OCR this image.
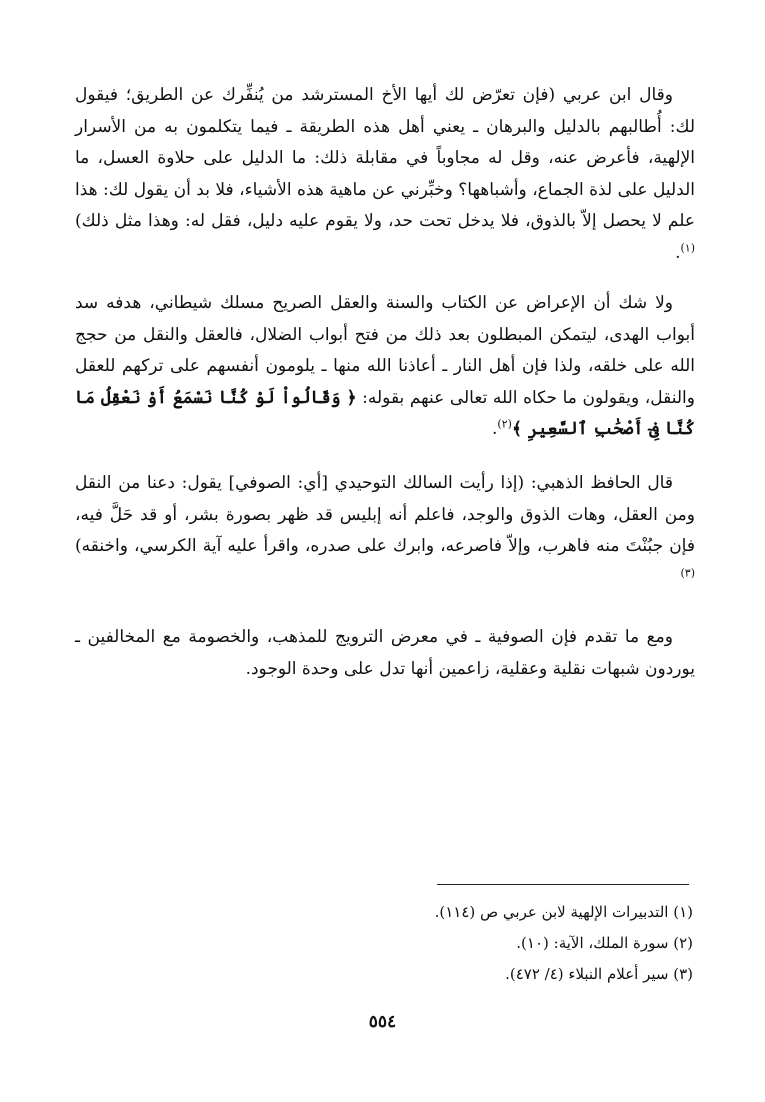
وقال ابن عربي (فإن تعرّض لك أيها الأخ المسترشد من يُنفِّرك عن الطريق؛ فيقول لك: أُطالبهم بالدليل والبرهان ـ يعني أهل هذه الطريقة ـ فيما يتكلمون به من الأسرار الإلهية، فأعرض عنه، وقل له مجاوباً في مقابلة ذلك: ما الدليل على حلاوة العسل، ما الدليل على لذة الجماع، وأشباهها؟ وخبِّرني عن ماهية هذه الأشياء، فلا بد أن يقول لك: هذا علم لا يحصل إلاّ بالذوق، فلا يدخل تحت حد، ولا يقوم عليه دليل، فقل له: وهذا مثل ذلك)$^{(١)}$.
ولا شك أن الإعراض عن الكتاب والسنة والعقل الصريح مسلك شيطاني، هدفه سد أبواب الهدى، ليتمكن المبطلون بعد ذلك من فتح أبواب الضلال، فالعقل والنقل من حجج الله على خلقه، ولذا فإن أهل النار ـ أعاذنا الله منها ـ يلومون أنفسهم على تركهم للعقل والنقل، ويقولون ما حكاه الله تعالى عنهم بقوله: ﴿ وَقَالُواْ لَوْ كُنَّا نَسْمَعُ أَوْ نَعْقِلُ مَا كُنَّا فِىٓ أَصْحَٰبِ ٱلسَّعِيرِ ﴾$^{(٢)}$.
قال الحافظ الذهبي: (إذا رأيت السالك التوحيدي [أي: الصوفي] يقول: دعنا من النقل ومن العقل، وهات الذوق والوجد، فاعلم أنه إبليس قد ظهر بصورة بشر، أو قد حَلَّ فيه، فإن جبُنْتَ منه فاهرب، وإلاّ فاصرعه، وابرك على صدره، واقرأ عليه آية الكرسي، واخنقه)$^{(٣)}$
ومع ما تقدم فإن الصوفية ـ في معرض الترويج للمذهب، والخصومة مع المخالفين ـ يوردون شبهات نقلية وعقلية، زاعمين أنها تدل على وحدة الوجود.
(١) التدبيرات الإلهية لابن عربي ص (١١٤).
(٢) سورة الملك، الآية: (١٠).
(٣) سير أعلام النبلاء (٤/ ٤٧٢).
٥٥٤
